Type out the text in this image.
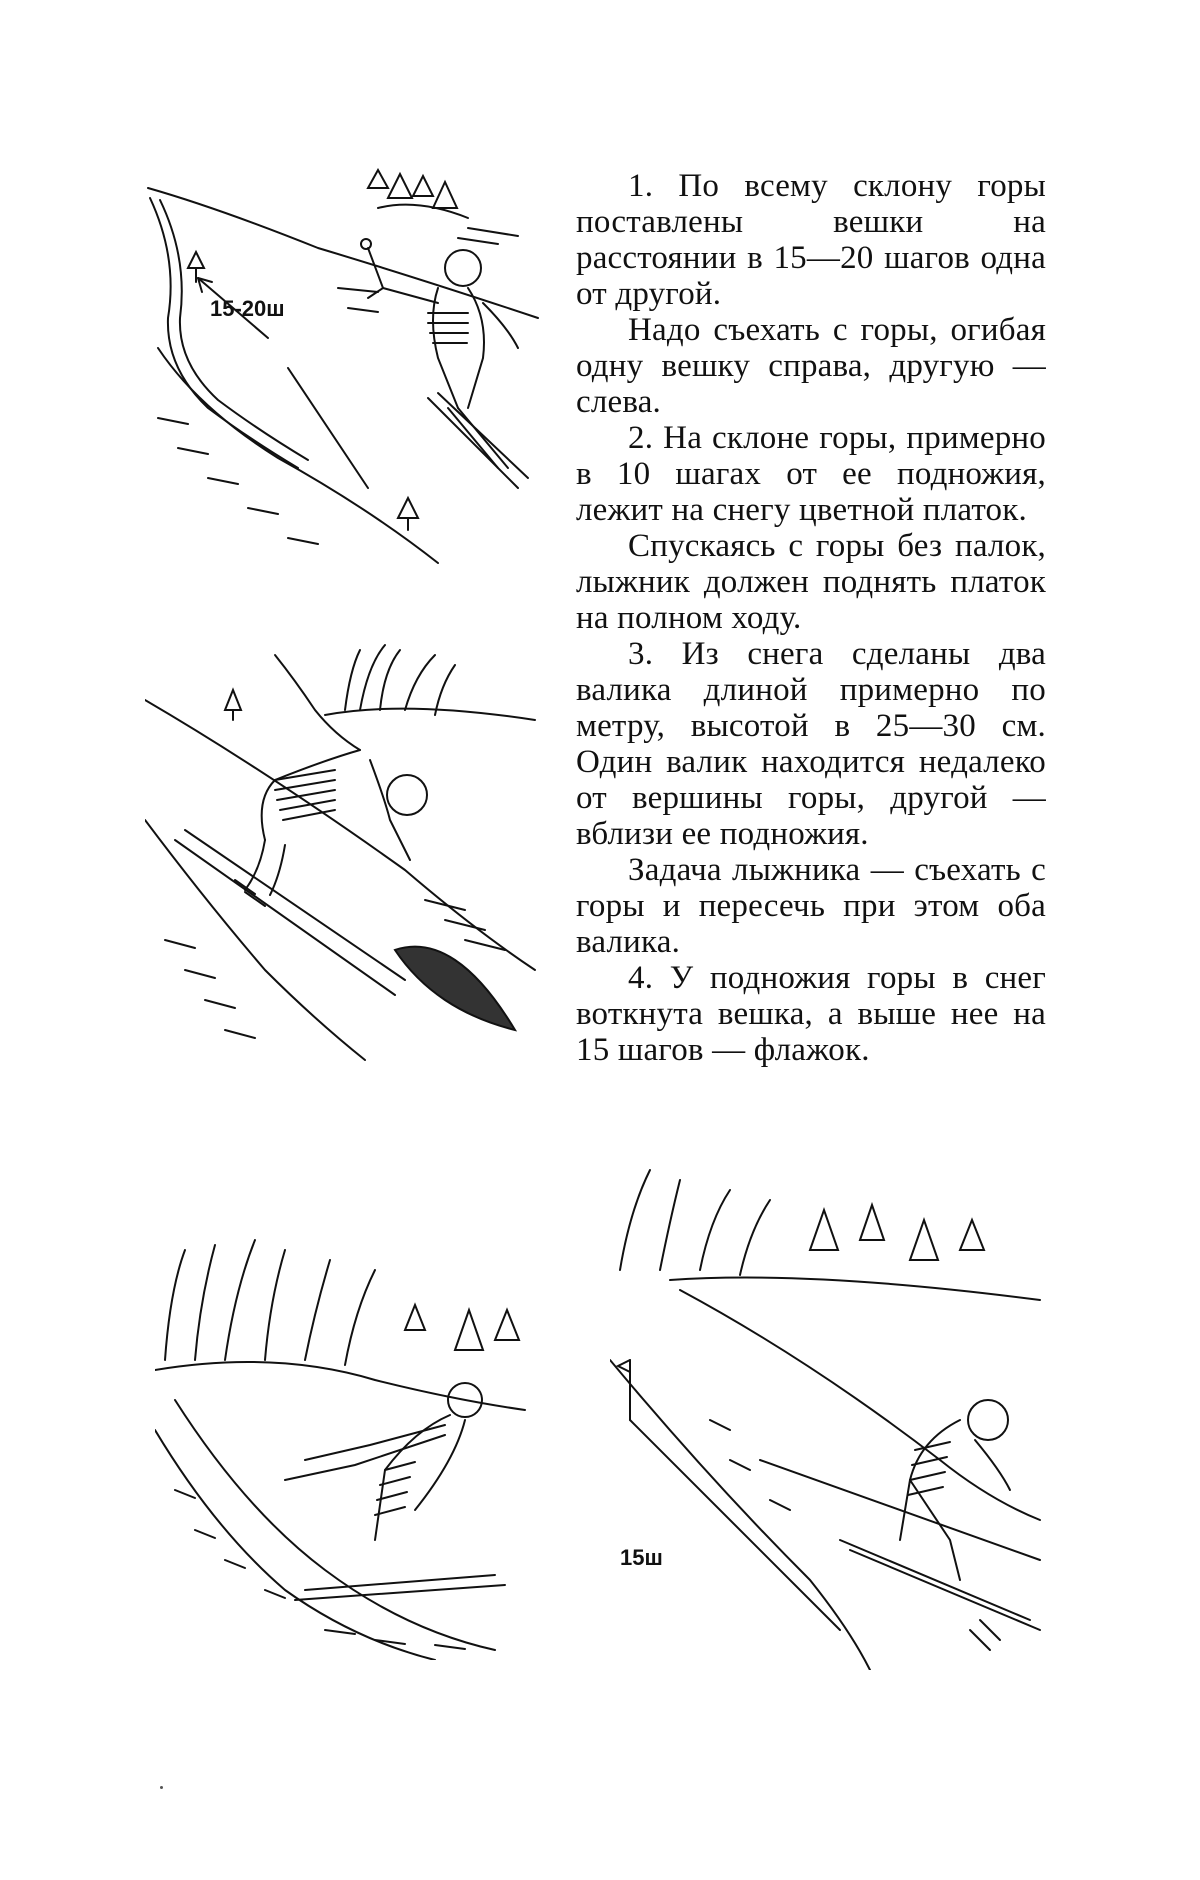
15-20ш

1. По всему склону горы поставлены вешки на расстоянии в 15—20 шагов одна от другой.

Надо съехать с горы, огибая одну вешку справа, другую — слева.

2. На склоне горы, примерно в 10 шагах от ее подножия, лежит на снегу цветной платок.

Спускаясь с горы без палок, лыжник должен поднять платок на полном ходу.

3. Из снега сделаны два валика длиной примерно по метру, высотой в 25—30 см. Один валик находится недалеко от вершины горы, другой — вблизи ее подножия.

Задача лыжника — съехать с горы и пересечь при этом оба валика.

4. У подножия горы в снег воткнута вешка, а выше нее на 15 шагов — флажок.

15ш
